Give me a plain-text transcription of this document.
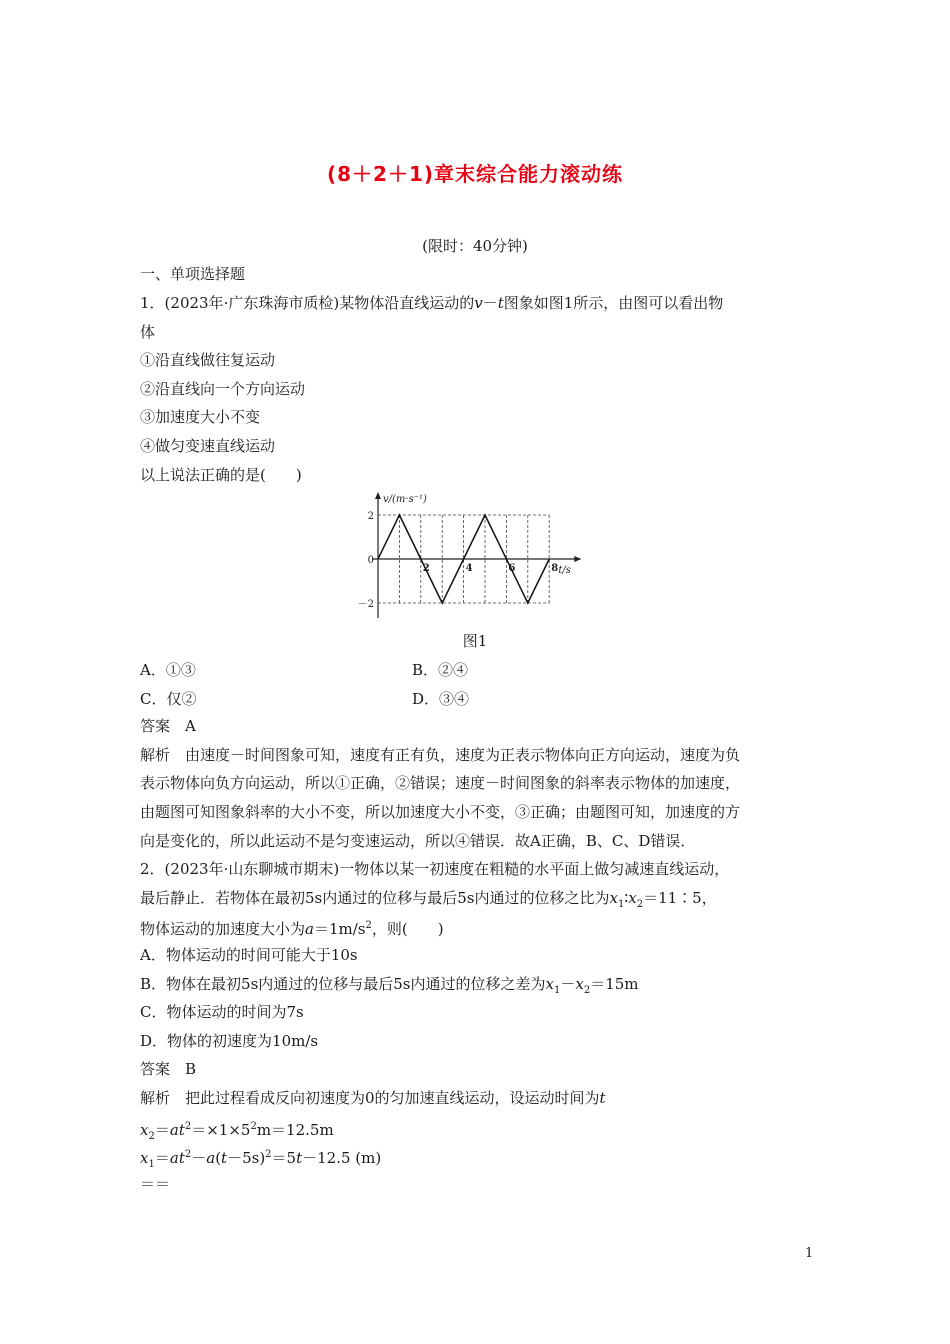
(8＋2＋1)章末综合能力滚动练
(限时：40分钟)
一、单项选择题
1．(2023年·广东珠海市质检)某物体沿直线运动的v－t图象如图1所示，由图可以看出物
体
①沿直线做往复运动
②沿直线向一个方向运动
③加速度大小不变
④做匀变速直线运动
以上说法正确的是(　　)
v/(m·s⁻¹)
t/s
2
0
－2
2	4	6	8
图1
A．①③	B．②④
C．仅②	D．③④
答案　A
解析　由速度－时间图象可知，速度有正有负，速度为正表示物体向正方向运动，速度为负
表示物体向负方向运动，所以①正确，②错误；速度－时间图象的斜率表示物体的加速度，
由题图可知图象斜率的大小不变，所以加速度大小不变，③正确；由题图可知，加速度的方
向是变化的，所以此运动不是匀变速运动，所以④错误．故A正确，B、C、D错误．
2．(2023年·山东聊城市期末)一物体以某一初速度在粗糙的水平面上做匀减速直线运动，
最后静止．若物体在最初5s内通过的位移与最后5s内通过的位移之比为$x_1∶x_2=11∶5$，
物体运动的加速度大小为$a=1m/s^2$，则(　　)
A．物体运动的时间可能大于10s
B．物体在最初5s内通过的位移与最后5s内通过的位移之差为$x_1-x_2=15m$
C．物体运动的时间为7s
D．物体的初速度为10m/s
答案　B
解析　把此过程看成反向初速度为0的匀加速直线运动，设运动时间为t
$x_2=at^2=\times 1\times 5^2m=12.5m$
$x_1=at^2-a(t-5s)^2=5t-12.5$ (m)
＝＝
1
